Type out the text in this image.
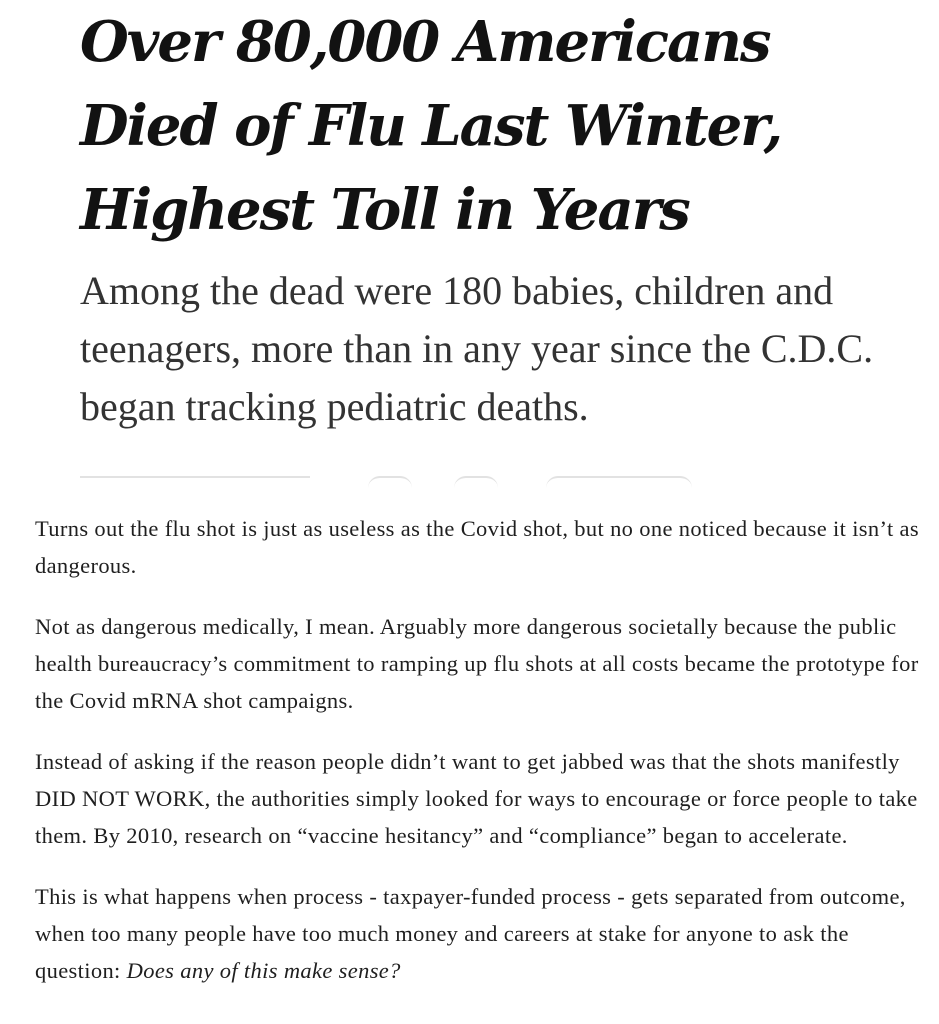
Over 80,000 Americans Died of Flu Last Winter, Highest Toll in Years

Among the dead were 180 babies, children and teenagers, more than in any year since the C.D.C. began tracking pediatric deaths.

Turns out the flu shot is just as useless as the Covid shot, but no one noticed because it isn’t as dangerous.

Not as dangerous medically, I mean. Arguably more dangerous societally because the public health bureaucracy’s commitment to ramping up flu shots at all costs became the prototype for the Covid mRNA shot campaigns.

Instead of asking if the reason people didn’t want to get jabbed was that the shots manifestly DID NOT WORK, the authorities simply looked for ways to encourage or force people to take them. By 2010, research on “vaccine hesitancy” and “compliance” began to accelerate.

This is what happens when process - taxpayer-funded process - gets separated from outcome, when too many people have too much money and careers at stake for anyone to ask the question: Does any of this make sense?
